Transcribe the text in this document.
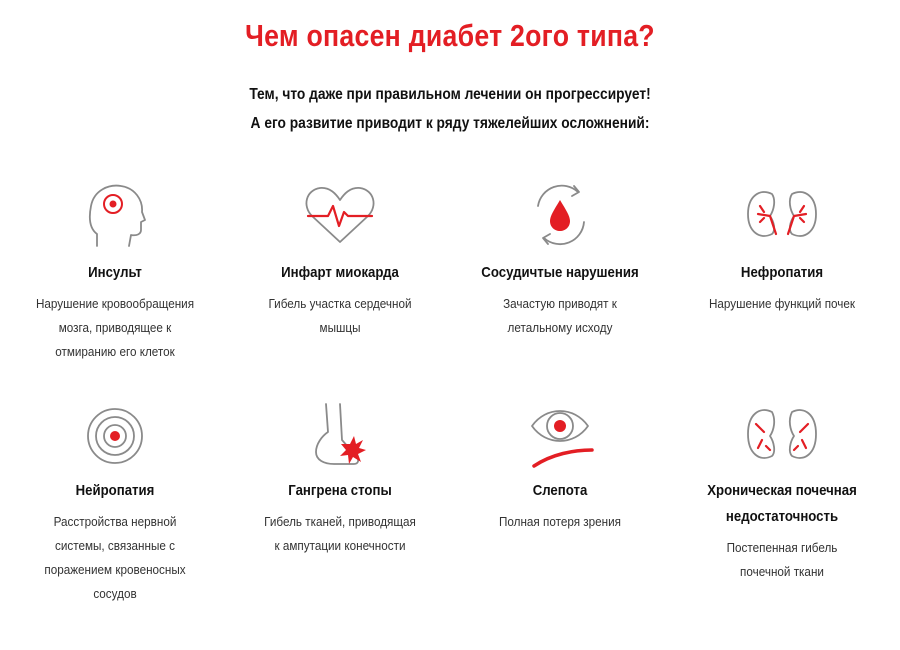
Чем опасен диабет 2ого типа?
Тем, что даже при правильном лечении он прогрессирует!
А его развитие приводит к ряду тяжелейших осложнений:
Инсульт
Нарушение кровообращения
мозга, приводящее к
отмиранию его клеток
Инфарт миокарда
Гибель участка сердечной
мышцы
Сосудичтые нарушения
Зачастую приводят к
летальному исходу
Нефропатия
Нарушение функций почек
Нейропатия
Расстройства нервной
системы, связанные с
поражением кровеносных
сосудов
Гангрена стопы
Гибель тканей, приводящая
к ампутации конечности
Слепота
Полная потеря зрения
Хроническая почечная
недостаточность
Постепенная гибель
почечной ткани
